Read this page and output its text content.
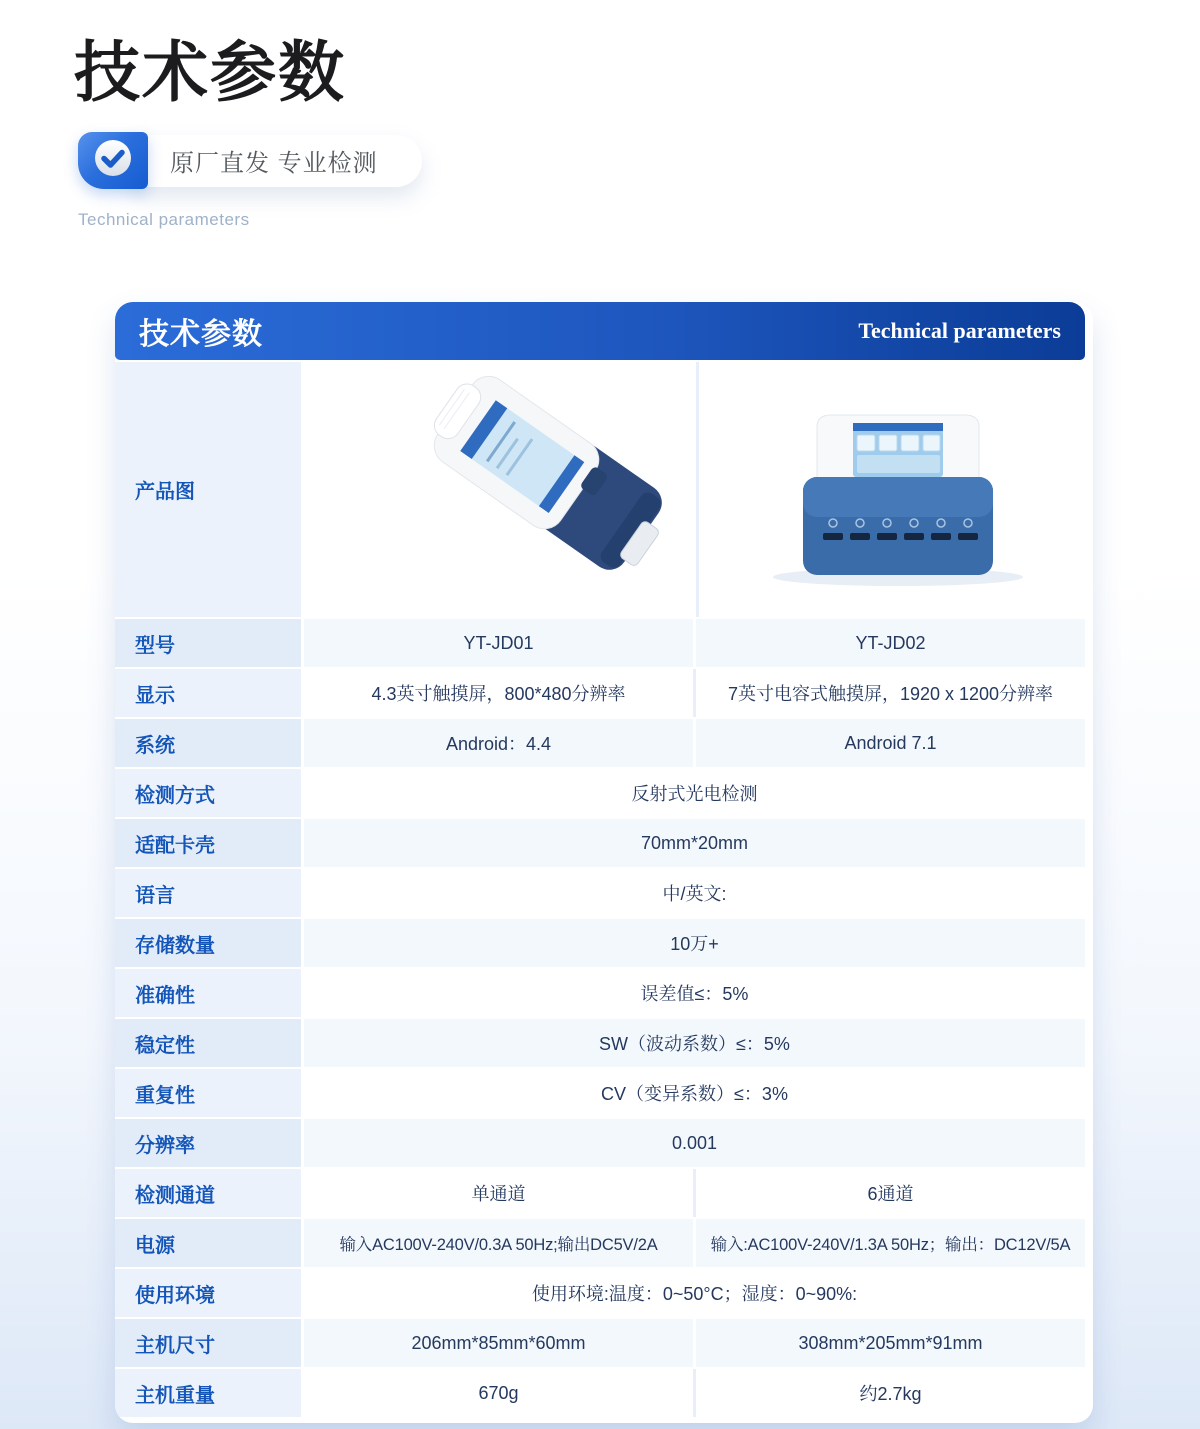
技术参数
原厂直发 专业检测
Technical parameters
技术参数	Technical parameters
产品图
型号	YT-JD01	YT-JD02
显示	4.3英寸触摸屏，800*480分辨率	7英寸电容式触摸屏，1920 x 1200分辨率
系统	Android：4.4	Android 7.1
检测方式	反射式光电检测
适配卡壳	70mm*20mm
语言	中/英文:
存储数量	10万+
准确性	误差值≤：5%
稳定性	SW（波动系数）≤：5%
重复性	CV（变异系数）≤：3%
分辨率	0.001
检测通道	单通道	6通道
电源	输入AC100V-240V/0.3A 50Hz;输出DC5V/2A	输入:AC100V-240V/1.3A 50Hz；输出：DC12V/5A
使用环境	使用环境:温度：0~50°C；湿度：0~90%:
主机尺寸	206mm*85mm*60mm	308mm*205mm*91mm
主机重量	670g	约2.7kg
